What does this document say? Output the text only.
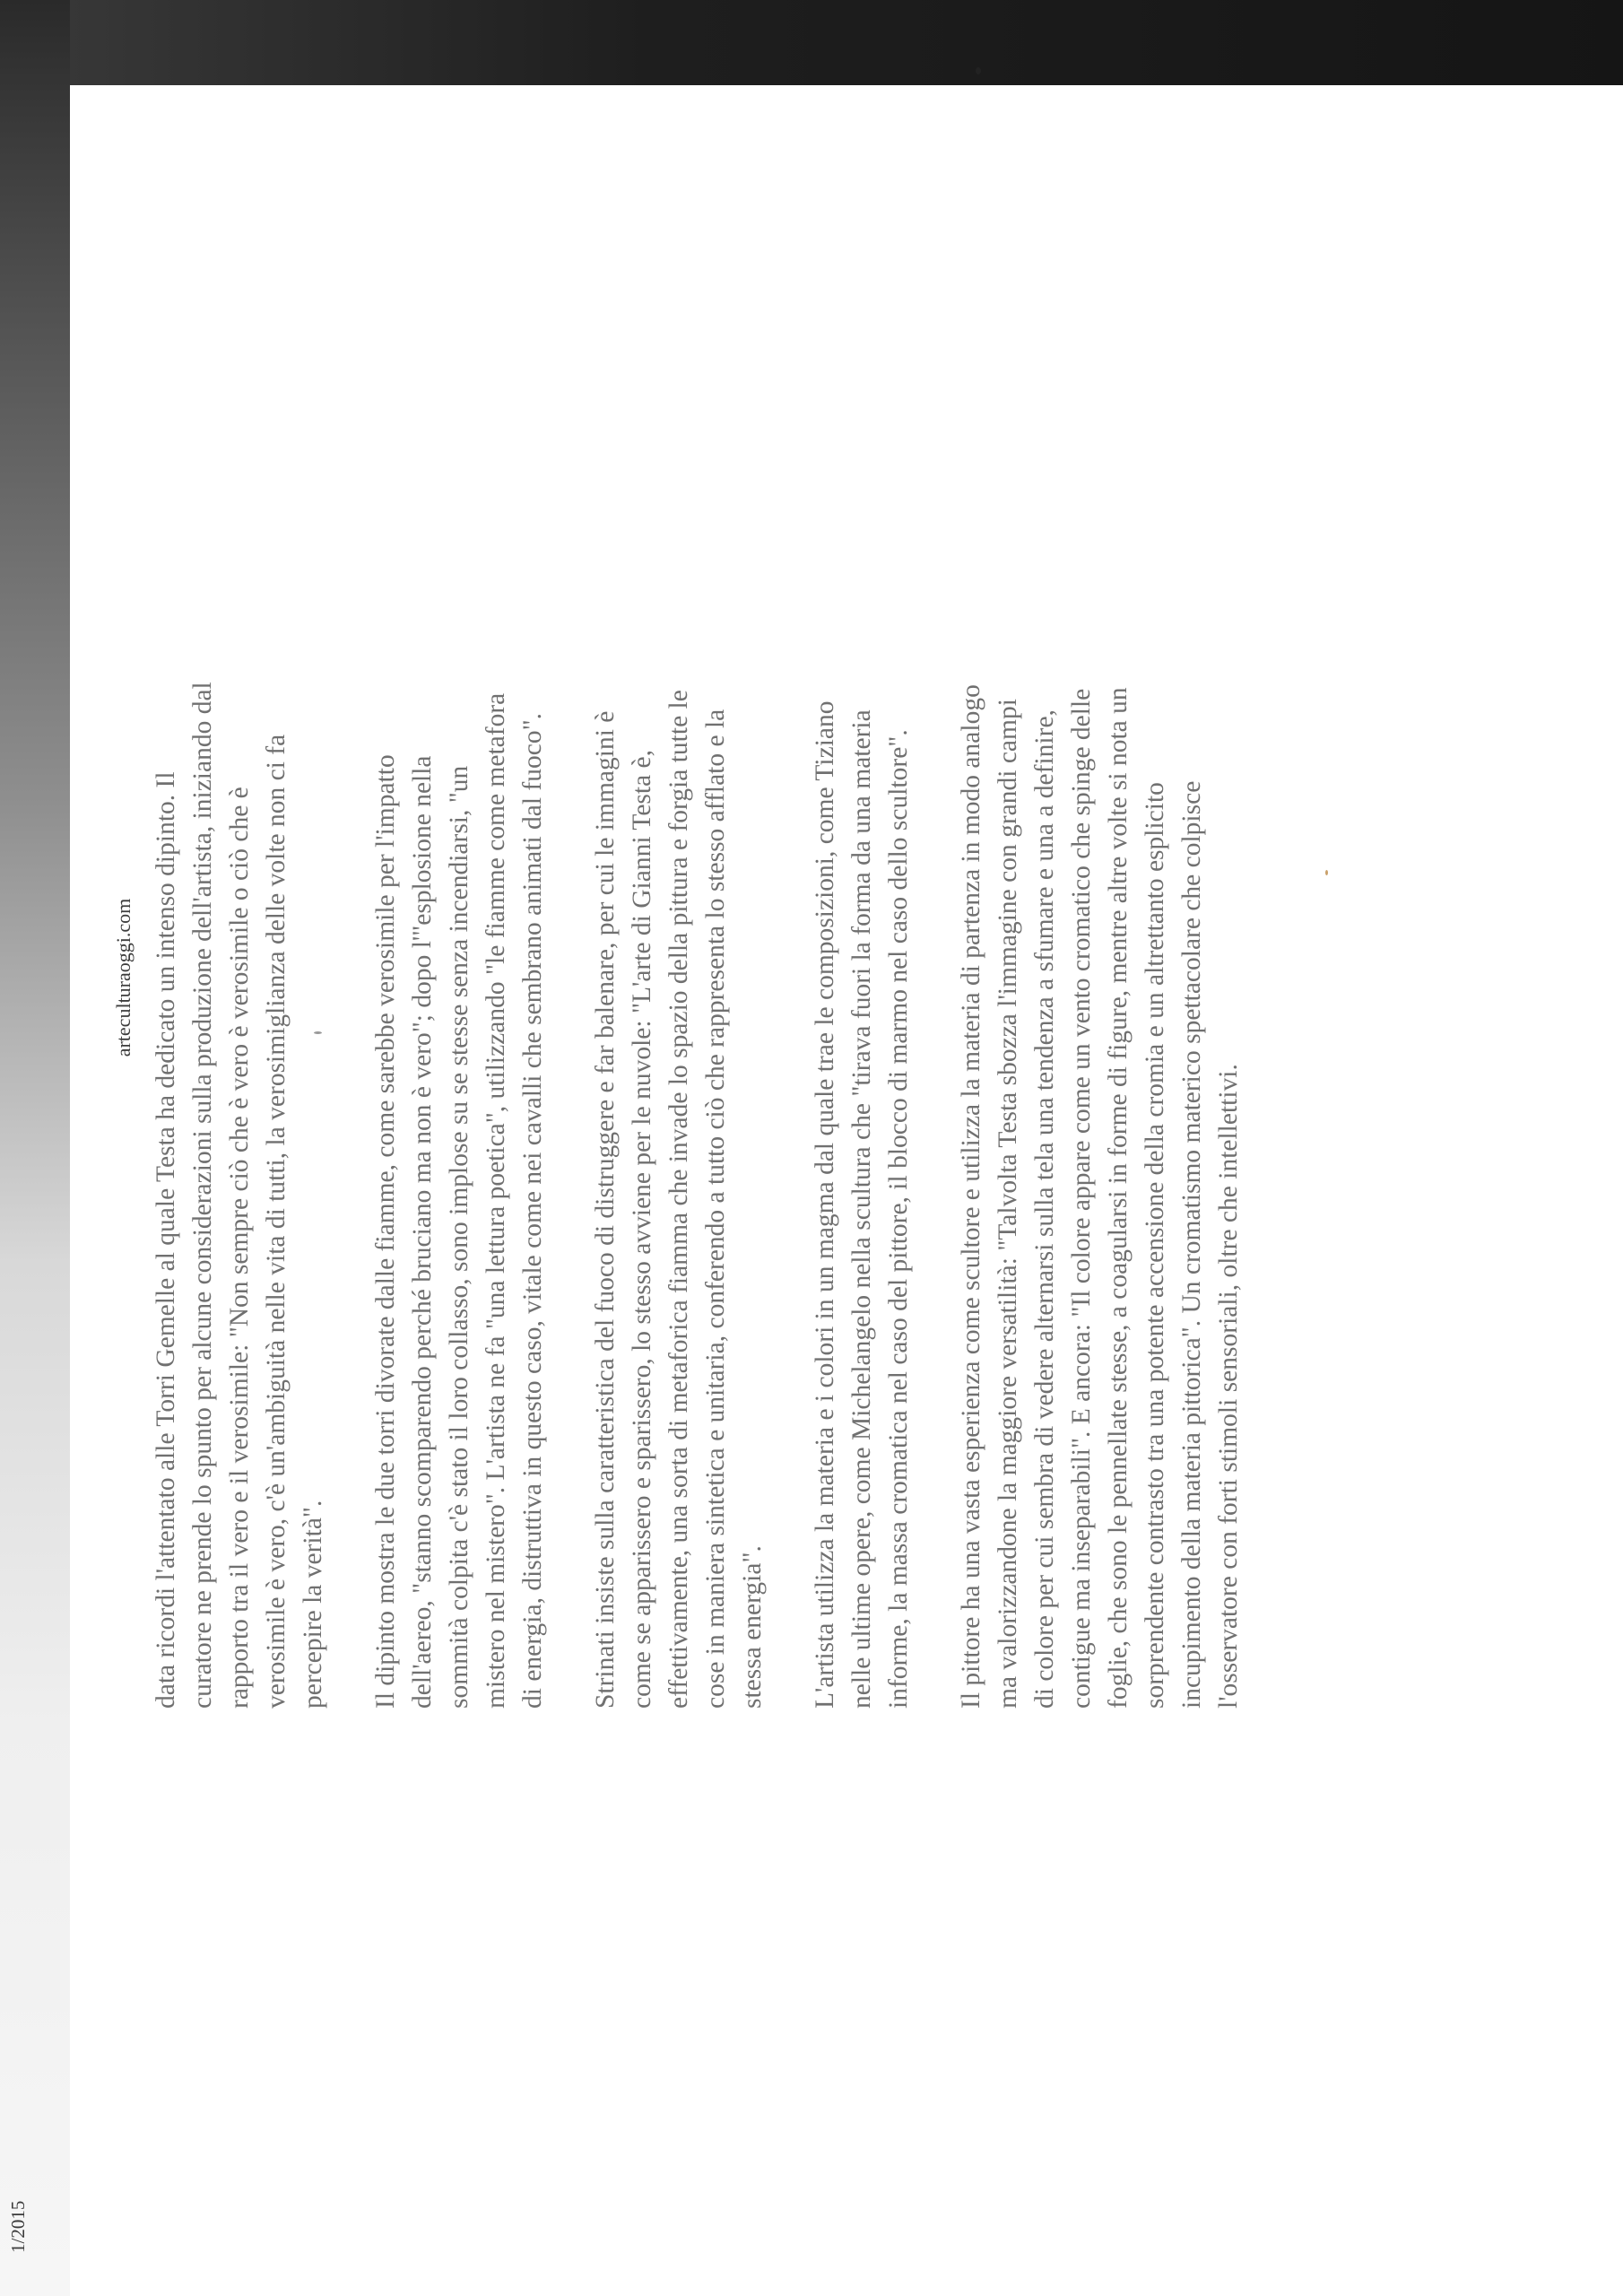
1/2015
arteculturaoggi.com data ricordi l'attentato alle Torri Gemelle al quale Testa ha dedicato un intenso dipinto. Il curatore ne prende lo spunto per alcune considerazioni sulla produzione dell'artista, iniziando dal rapporto tra il vero e il verosimile: "Non sempre ciò che è vero è verosimile o ciò che è verosimile è vero, c'è un'ambiguità nelle vita di tutti, la verosimiglianza delle volte non ci fa percepire la verità". Il dipinto mostra le due torri divorate dalle fiamme, come sarebbe verosimile per l'impatto dell'aereo, "stanno scomparendo perché bruciano ma non è vero"; dopo l'"esplosione nella sommità colpita c'è stato il loro collasso, sono implose su se stesse senza incendiarsi, "un mistero nel mistero". L'artista ne fa "una lettura poetica", utilizzando "le fiamme come metafora di energia, distruttiva in questo caso, vitale come nei cavalli che sembrano animati dal fuoco". Strinati insiste sulla caratteristica del fuoco di distruggere e far balenare, per cui le immagini è come se apparissero e sparissero, lo stesso avviene per le nuvole: "L'arte di Gianni Testa è, effettivamente, una sorta di metaforica fiamma che invade lo spazio della pittura e forgia tutte le cose in maniera sintetica e unitaria, conferendo a tutto ciò che rappresenta lo stesso afflato e la stessa energia". L'artista utilizza la materia e i colori in un magma dal quale trae le composizioni, come Tiziano nelle ultime opere, come Michelangelo nella scultura che "tirava fuori la forma da una materia informe, la massa cromatica nel caso del pittore, il blocco di marmo nel caso dello scultore". Il pittore ha una vasta esperienza come scultore e utilizza la materia di partenza in modo analogo ma valorizzandone la maggiore versatilità: "Talvolta Testa sbozza l'immagine con grandi campi di colore per cui sembra di vedere alternarsi sulla tela una tendenza a sfumare e una a definire, contigue ma inseparabili". E ancora: "Il colore appare come un vento cromatico che spinge delle foglie, che sono le pennellate stesse, a coagularsi in forme di figure, mentre altre volte si nota un sorprendente contrasto tra una potente accensione della cromia e un altrettanto esplicito incupimento della materia pittorica". Un cromatismo materico spettacolare che colpisce l'osservatore con forti stimoli sensoriali, oltre che intellettivi.
